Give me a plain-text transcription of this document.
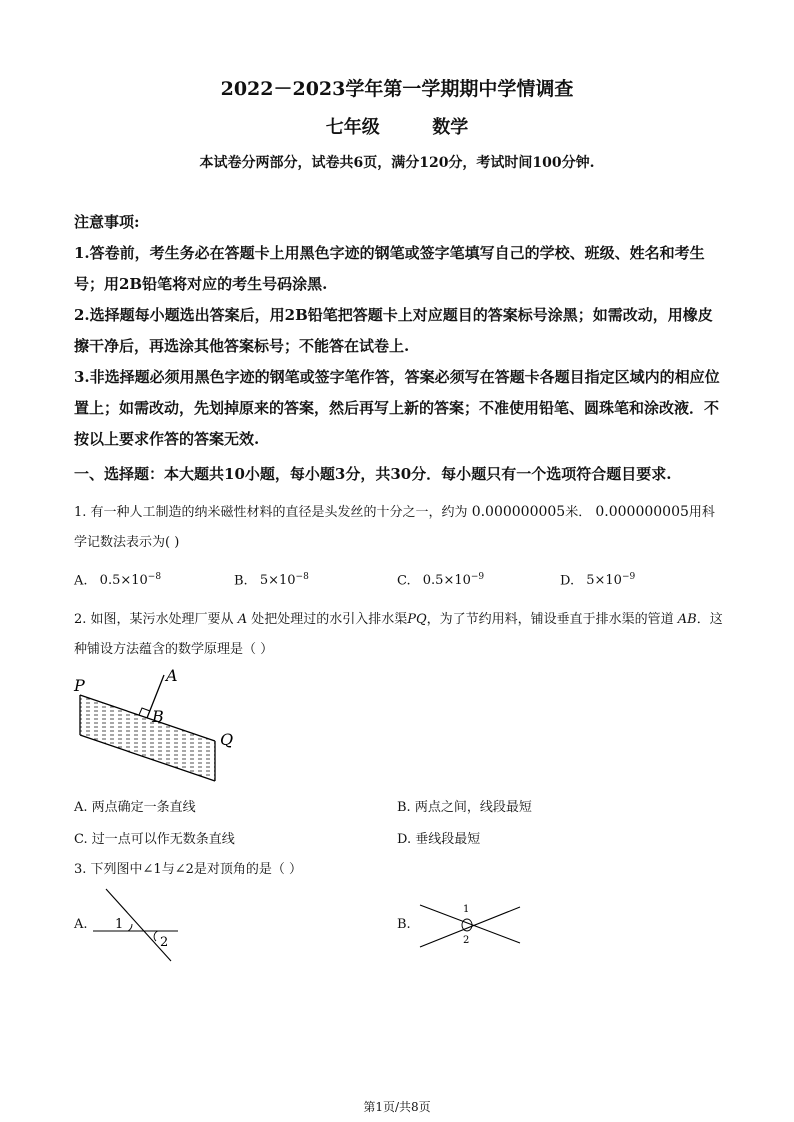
2022－2023学年第一学期期中学情调查
七年级	数学
本试卷分两部分，试卷共6页，满分120分，考试时间100分钟.

注意事项:

1.答卷前，考生务必在答题卡上用黑色字迹的钢笔或签字笔填写自己的学校、班级、姓名和考生号；用2B铅笔将对应的考生号码涂黑.

2.选择题每小题选出答案后，用2B铅笔把答题卡上对应题目的答案标号涂黑；如需改动，用橡皮擦干净后，再选涂其他答案标号；不能答在试卷上.

3.非选择题必须用黑色字迹的钢笔或签字笔作答，答案必须写在答题卡各题目指定区域内的相应位置上；如需改动，先划掉原来的答案，然后再写上新的答案；不准使用铅笔、圆珠笔和涂改液．不按以上要求作答的答案无效.

一、选择题：本大题共10小题，每小题3分，共30分．每小题只有一个选项符合题目要求.

1. 有一种人工制造的纳米磁性材料的直径是头发丝的十分之一，约为 0.000000005米． 0.000000005用科学记数法表示为( )

A. $0.5\times 10^{-8}$	B. $5\times 10^{-8}$	C. $0.5\times 10^{-9}$	D. $5\times 10^{-9}$

2. 如图，某污水处理厂要从 A 处把处理过的水引入排水渠PQ，为了节约用料，铺设垂直于排水渠的管道 AB．这种铺设方法蕴含的数学原理是（ ）

P
A
B
Q
A. 两点确定一条直线	B. 两点之间，线段最短
C. 过一点可以作无数条直线	D. 垂线段最短

3. 下列图中∠1与∠2是对顶角的是（ ）

A. 1
2
B.
1
2
第1页/共8页
